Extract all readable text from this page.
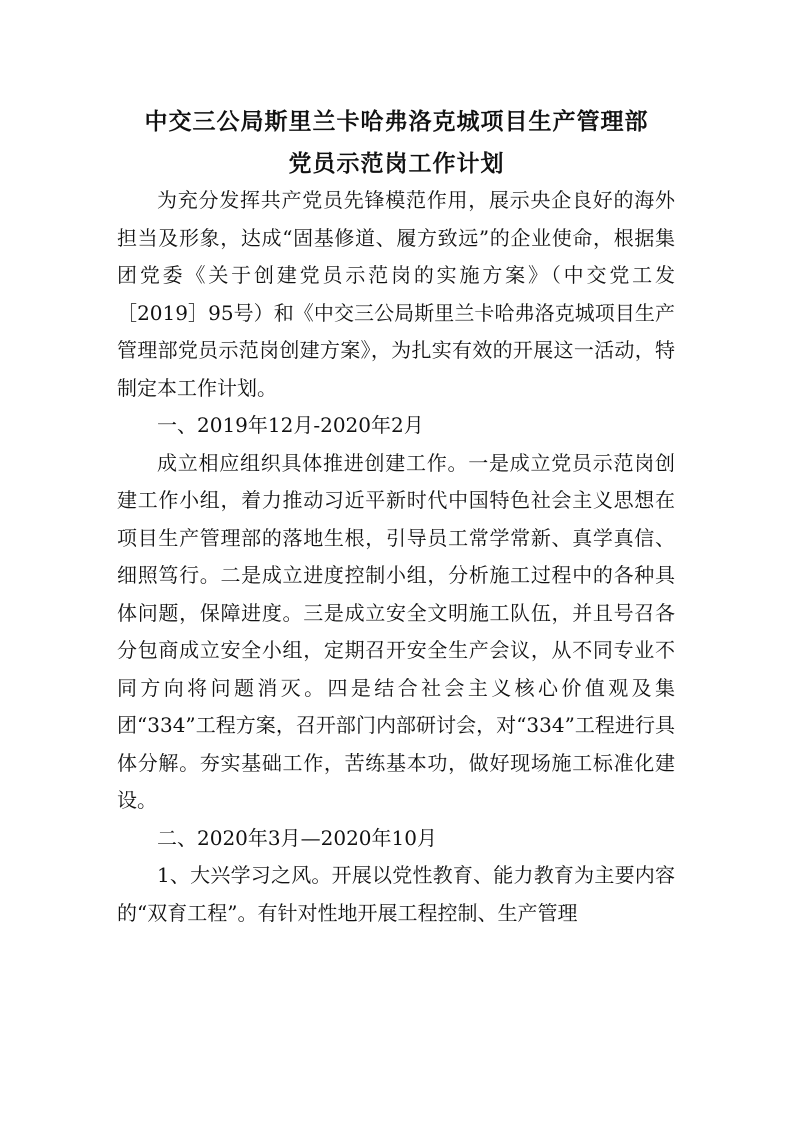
中交三公局斯里兰卡哈弗洛克城项目生产管理部
党员示范岗工作计划

为充分发挥共产党员先锋模范作用，展示央企良好的海外担当及形象，达成“固基修道、履方致远”的企业使命，根据集团党委《关于创建党员示范岗的实施方案》（中交党工发［2019］95号）和《中交三公局斯里兰卡哈弗洛克城项目生产管理部党员示范岗创建方案》，为扎实有效的开展这一活动，特制定本工作计划。

一、2019年12月-2020年2月

成立相应组织具体推进创建工作。一是成立党员示范岗创建工作小组，着力推动习近平新时代中国特色社会主义思想在项目生产管理部的落地生根，引导员工常学常新、真学真信、细照笃行。二是成立进度控制小组，分析施工过程中的各种具体问题，保障进度。三是成立安全文明施工队伍，并且号召各分包商成立安全小组，定期召开安全生产会议，从不同专业不同方向将问题消灭。四是结合社会主义核心价值观及集团“334”工程方案，召开部门内部研讨会，对“334”工程进行具体分解。夯实基础工作，苦练基本功，做好现场施工标准化建设。

二、2020年3月—2020年10月

1、大兴学习之风。开展以党性教育、能力教育为主要内容的“双育工程”。有针对性地开展工程控制、生产管理
